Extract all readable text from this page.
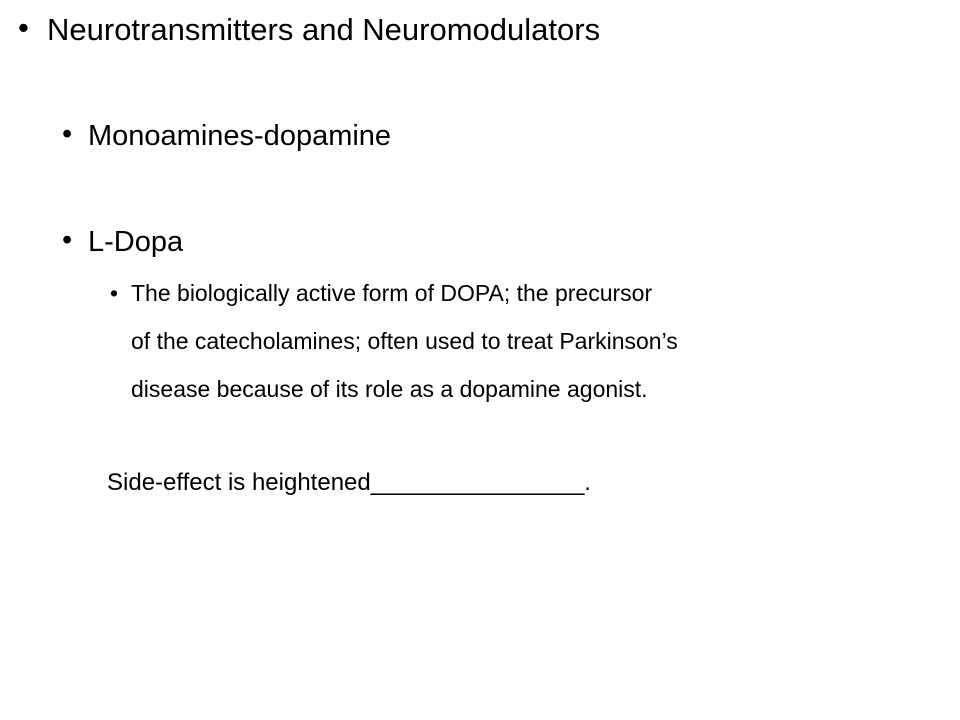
• Neurotransmitters and Neuromodulators
• Monoamines-dopamine
• L-Dopa
• The biologically active form of DOPA; the precursor
of the catecholamines; often used to treat Parkinson’s
disease because of its role as a dopamine agonist.
Side-effect is heightened________________.
